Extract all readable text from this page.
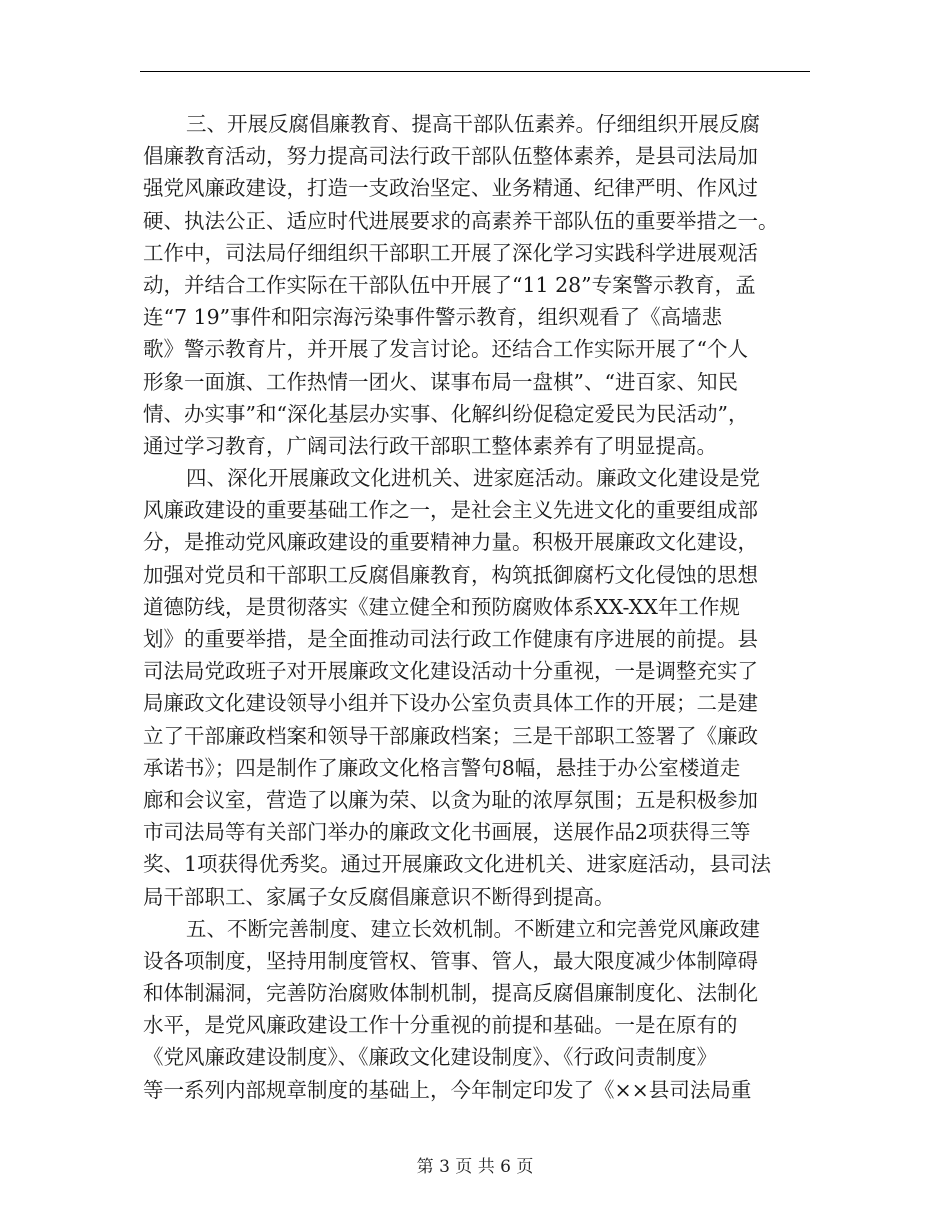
三、开展反腐倡廉教育、提高干部队伍素养。仔细组织开展反腐
倡廉教育活动，努力提高司法行政干部队伍整体素养，是县司法局加
强党风廉政建设，打造一支政治坚定、业务精通、纪律严明、作风过
硬、执法公正、适应时代进展要求的高素养干部队伍的重要举措之一。
工作中，司法局仔细组织干部职工开展了深化学习实践科学进展观活
动，并结合工作实际在干部队伍中开展了“11 28”专案警示教育，孟
连“7 19”事件和阳宗海污染事件警示教育，组织观看了《高墙悲
歌》警示教育片，并开展了发言讨论。还结合工作实际开展了“个人
形象一面旗、工作热情一团火、谋事布局一盘棋”、“进百家、知民
情、办实事”和“深化基层办实事、化解纠纷促稳定爱民为民活动”，
通过学习教育，广阔司法行政干部职工整体素养有了明显提高。
四、深化开展廉政文化进机关、进家庭活动。廉政文化建设是党
风廉政建设的重要基础工作之一，是社会主义先进文化的重要组成部
分，是推动党风廉政建设的重要精神力量。积极开展廉政文化建设，
加强对党员和干部职工反腐倡廉教育，构筑抵御腐朽文化侵蚀的思想
道德防线，是贯彻落实《建立健全和预防腐败体系XX-XX年工作规
划》的重要举措，是全面推动司法行政工作健康有序进展的前提。县
司法局党政班子对开展廉政文化建设活动十分重视，一是调整充实了
局廉政文化建设领导小组并下设办公室负责具体工作的开展；二是建
立了干部廉政档案和领导干部廉政档案；三是干部职工签署了《廉政
承诺书》；四是制作了廉政文化格言警句8幅，悬挂于办公室楼道走
廊和会议室，营造了以廉为荣、以贪为耻的浓厚氛围；五是积极参加
市司法局等有关部门举办的廉政文化书画展，送展作品2项获得三等
奖、1项获得优秀奖。通过开展廉政文化进机关、进家庭活动，县司法
局干部职工、家属子女反腐倡廉意识不断得到提高。
五、不断完善制度、建立长效机制。不断建立和完善党风廉政建
设各项制度，坚持用制度管权、管事、管人，最大限度减少体制障碍
和体制漏洞，完善防治腐败体制机制，提高反腐倡廉制度化、法制化
水平，是党风廉政建设工作十分重视的前提和基础。一是在原有的
《党风廉政建设制度》、《廉政文化建设制度》、《行政问责制度》
等一系列内部规章制度的基础上，今年制定印发了《××县司法局重
第 3 页 共 6 页
